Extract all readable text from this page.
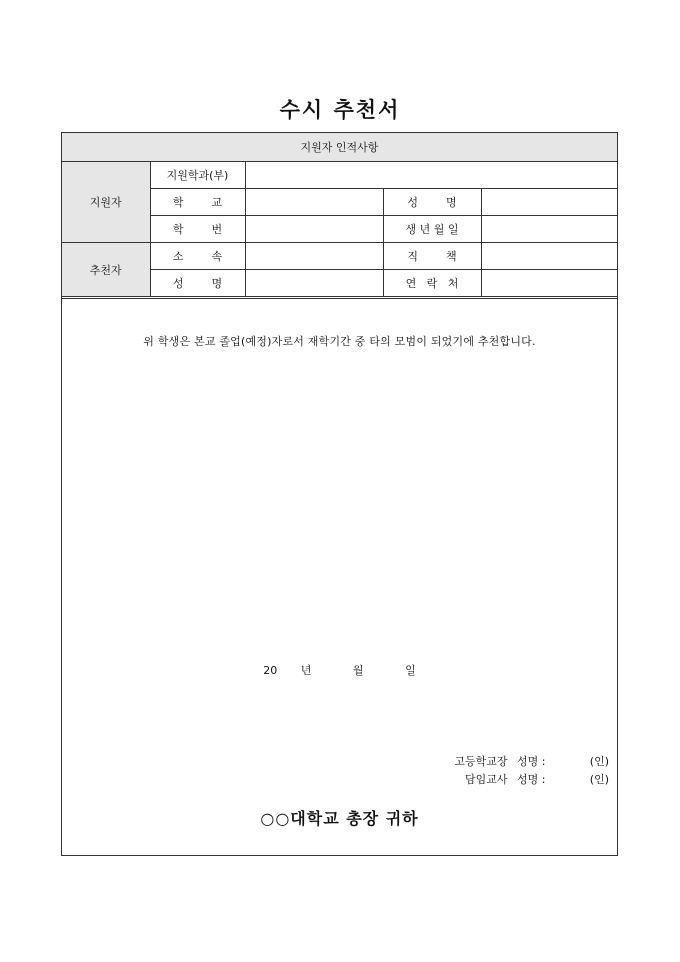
수시 추천서
지원자 인적사항				
지원자	지원학과(부)			
	학        교		성        명	
	학        번		생 년 월 일	
추천자	소        속		직        책	
	성        명		연   락   처	
위 학생은 본교 졸업(예정)자로서 재학기간 중 타의 모범이 되었기에 추천합니다.
20 년	월	일
고등학교장 성명 :	(인)
담임교사 성명 :	(인)
○○대학교 총장 귀하
